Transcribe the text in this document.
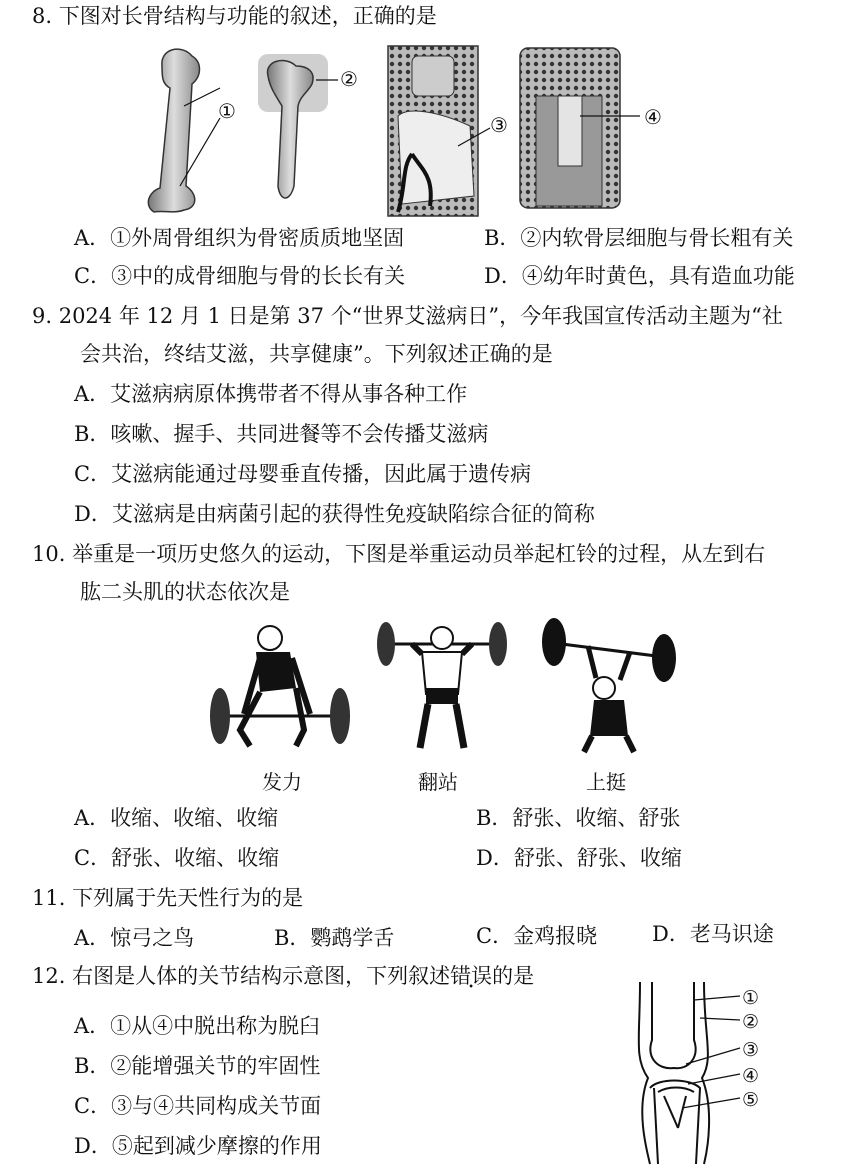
8. 下图对长骨结构与功能的叙述，正确的是
①
②
③	④
A．①外周骨组织为骨密质质地坚固	B．②内软骨层细胞与骨长粗有关
C．③中的成骨细胞与骨的长长有关	D．④幼年时黄色，具有造血功能
9. 2024 年 12 月 1 日是第 37 个“世界艾滋病日”，今年我国宣传活动主题为“社
会共治，终结艾滋，共享健康”。下列叙述正确的是
A．艾滋病病原体携带者不得从事各种工作
B．咳嗽、握手、共同进餐等不会传播艾滋病
C．艾滋病能通过母婴垂直传播，因此属于遗传病
D．艾滋病是由病菌引起的获得性免疫缺陷综合征的简称
10. 举重是一项历史悠久的运动，下图是举重运动员举起杠铃的过程，从左到右
肱二头肌的状态依次是
发力	翻站	上挺
A．收缩、收缩、收缩	B．舒张、收缩、舒张
C．舒张、收缩、收缩	D．舒张、舒张、收缩
11. 下列属于先天性行为的是
A．惊弓之鸟	B．鹦鹉学舌	C．金鸡报晓	D．老马识途
12. 右图是人体的关节结构示意图，下列叙述错误的是
A．①从④中脱出称为脱臼
B．②能增强关节的牢固性
C．③与④共同构成关节面
D．⑤起到减少摩擦的作用
①
②
③
④
⑤
